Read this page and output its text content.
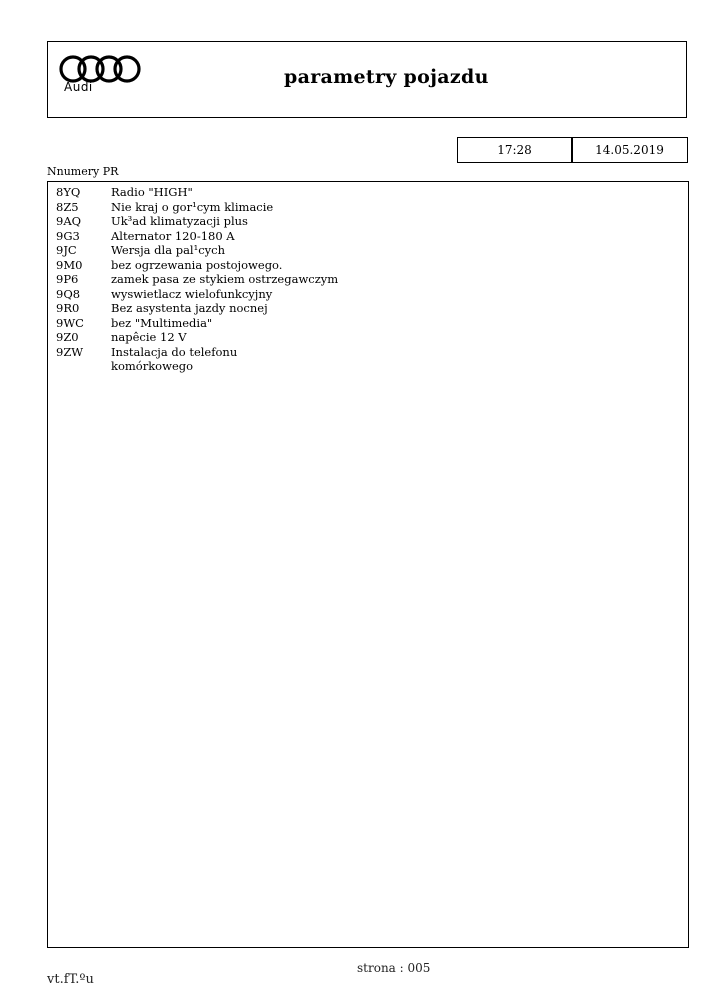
Audi	parametry pojazdu
17:28	14.05.2019
Nnumery PR
8YQ	Radio "HIGH"
8Z5	Nie kraj o gor¹cym klimacie
9AQ	Uk³ad klimatyzacji plus
9G3	Alternator 120-180 A
9JC	Wersja dla pal¹cych
9M0	bez ogrzewania postojowego.
9P6	zamek pasa ze stykiem ostrzegawczym
9Q8	wyswietlacz wielofunkcyjny
9R0	Bez asystenta jazdy nocnej
9WC	bez "Multimedia"
9Z0	napêcie 12 V
9ZW	Instalacja do telefonu
komórkowego
strona : 005
vt.fT.ºu
